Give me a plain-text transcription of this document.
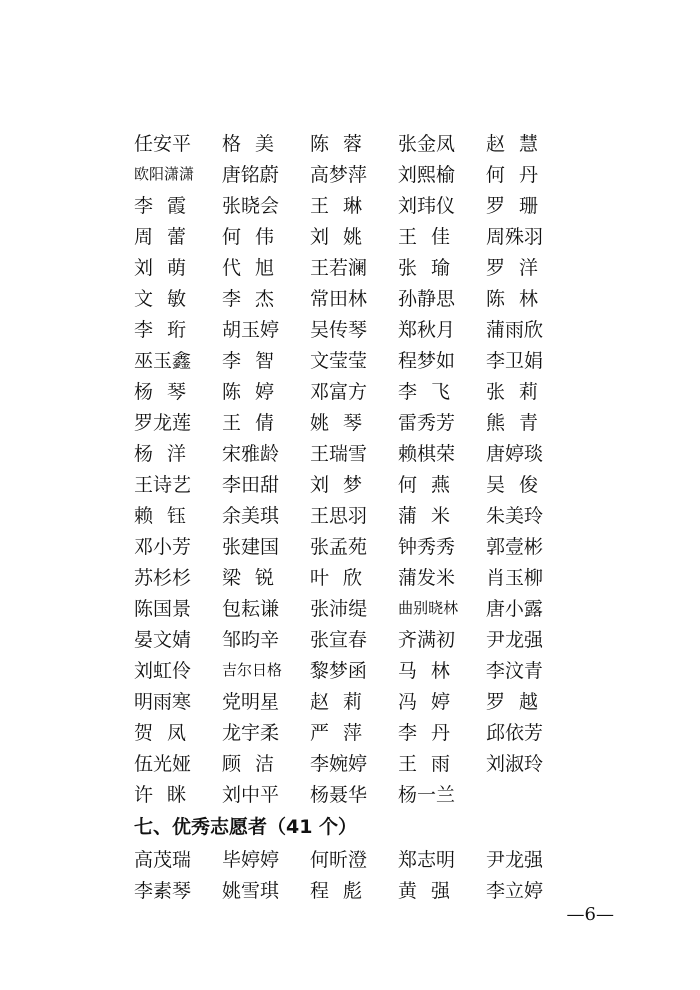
任安平	格美	陈蓉	张金凤	赵慧
欧阳潇潇	唐铭蔚	高梦萍	刘熙榆	何丹
李霞	张晓会	王琳	刘玮仪	罗珊
周蕾	何伟	刘姚	王佳	周殊羽
刘萌	代旭	王若澜	张瑜	罗洋
文敏	李杰	常田林	孙静思	陈林
李珩	胡玉婷	吴传琴	郑秋月	蒲雨欣
巫玉鑫	李智	文莹莹	程梦如	李卫娟
杨琴	陈婷	邓富方	李飞	张莉
罗龙莲	王倩	姚琴	雷秀芳	熊青
杨洋	宋雅龄	王瑞雪	赖棋荣	唐婷琰
王诗艺	李田甜	刘梦	何燕	吴俊
赖钰	余美琪	王思羽	蒲米	朱美玲
邓小芳	张建国	张孟苑	钟秀秀	郭壹彬
苏杉杉	梁锐	叶欣	蒲发米	肖玉柳
陈国景	包耘谦	张沛缇	曲别晓林	唐小露
晏文婧	邹昀辛	张宣春	齐满初	尹龙强
刘虹伶	吉尔日格	黎梦函	马林	李汶青
明雨寒	党明星	赵莉	冯婷	罗越
贺凤	龙宇柔	严萍	李丹	邱依芳
伍光娅	顾洁	李婉婷	王雨	刘淑玲
许眯	刘中平	杨聂华	杨一兰
七、优秀志愿者（41 个）
高茂瑞	毕婷婷	何昕澄	郑志明	尹龙强
李素琴	姚雪琪	程彪	黄强	李立婷
—6—
